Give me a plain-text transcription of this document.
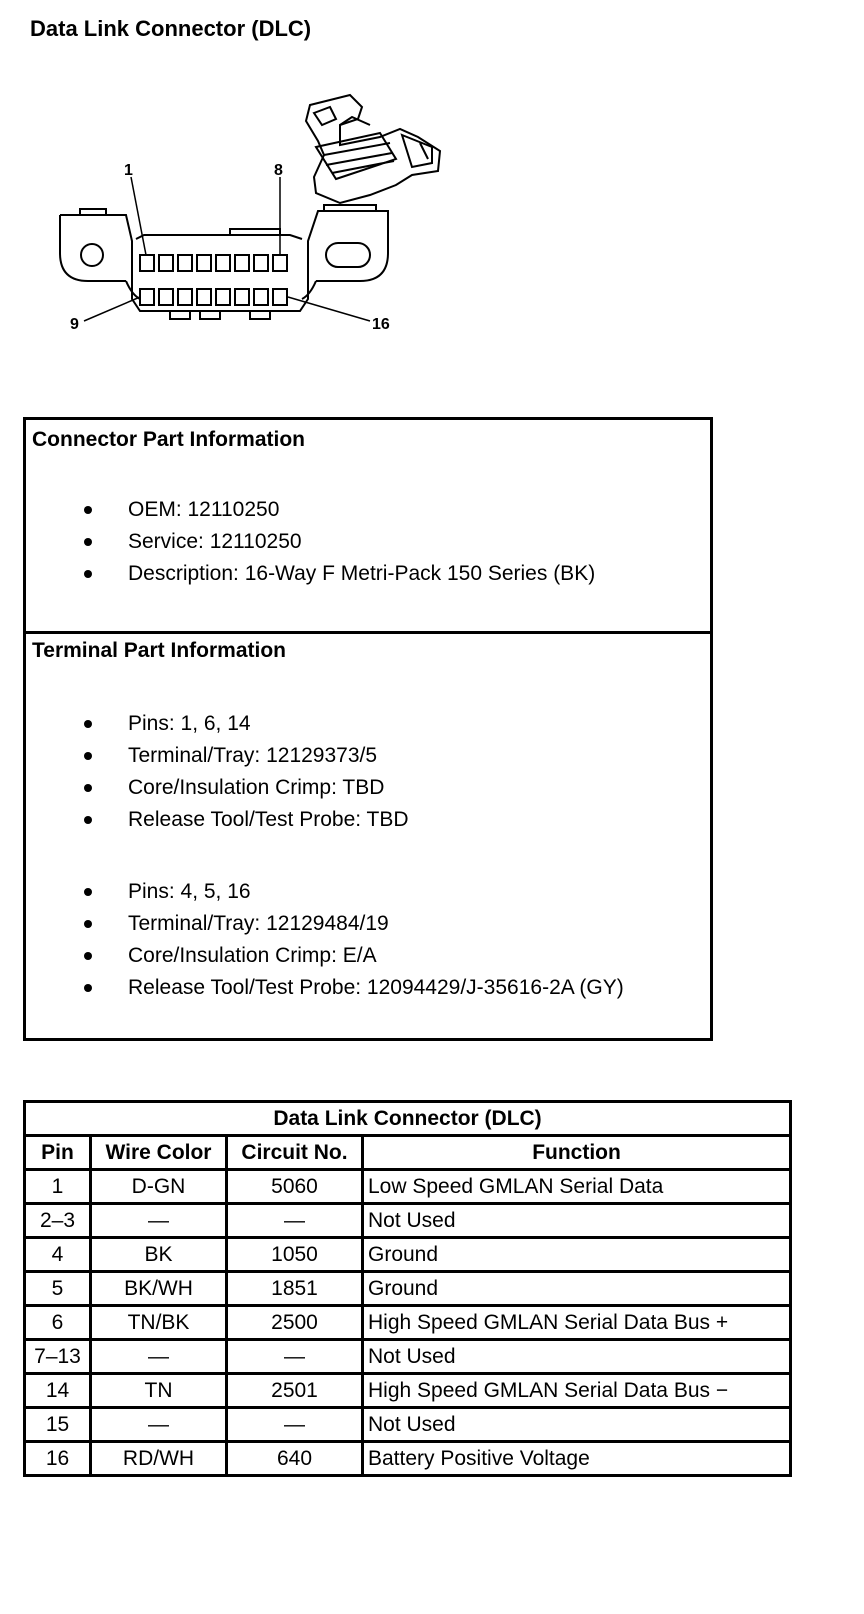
Data Link Connector (DLC)
1	8
9	16
Connector Part Information
OEM: 12110250
Service: 12110250
Description: 16-Way F Metri-Pack 150 Series (BK)
Terminal Part Information
Pins: 1, 6, 14
Terminal/Tray: 12129373/5
Core/Insulation Crimp: TBD
Release Tool/Test Probe: TBD
Pins: 4, 5, 16
Terminal/Tray: 12129484/19
Core/Insulation Crimp: E/A
Release Tool/Test Probe: 12094429/J-35616-2A (GY)
Data Link Connector (DLC)			
Pin	Wire Color	Circuit No.	Function
1	D-GN	5060	Low Speed GMLAN Serial Data
2–3	—	—	Not Used
4	BK	1050	Ground
5	BK/WH	1851	Ground
6	TN/BK	2500	High Speed GMLAN Serial Data Bus +
7–13	—	—	Not Used
14	TN	2501	High Speed GMLAN Serial Data Bus −
15	—	—	Not Used
16	RD/WH	640	Battery Positive Voltage
